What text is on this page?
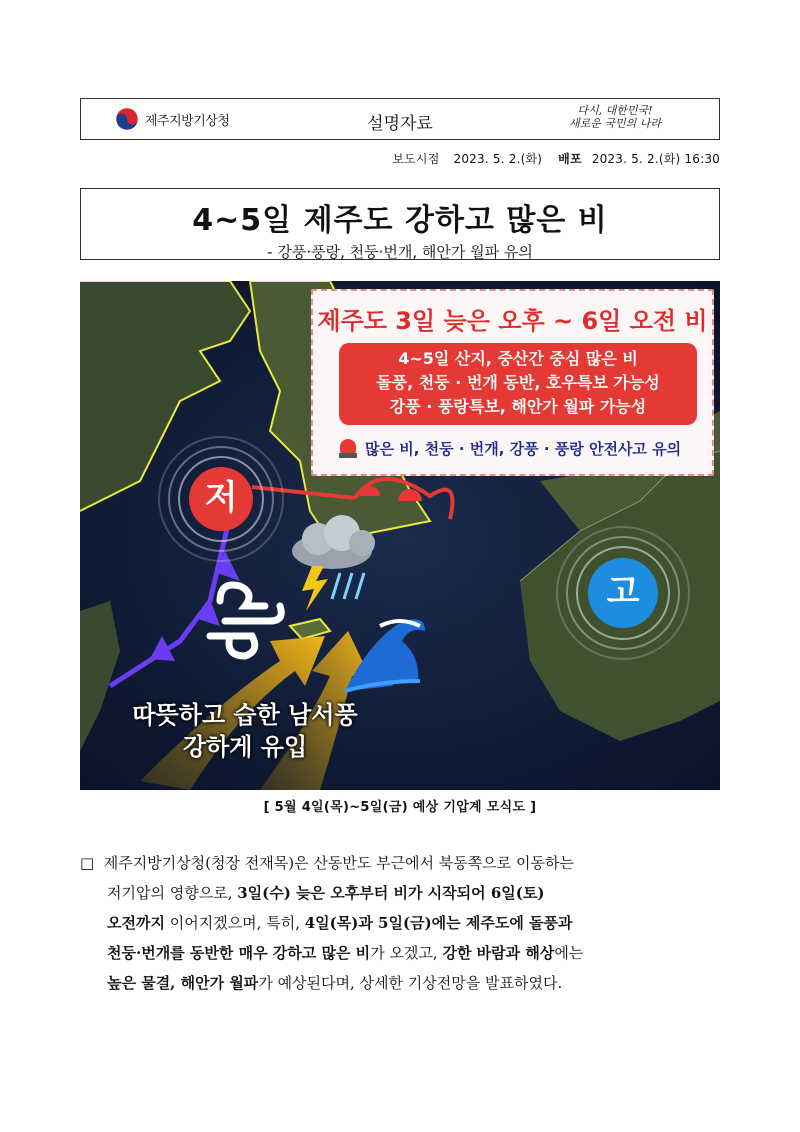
제주지방기상청	설명자료
다시, 대한민국!
새로운 국민의 나라
보도시점 2023. 5. 2.(화) 배포 2023. 5. 2.(화) 16:30
4~5일 제주도 강하고 많은 비
- 강풍·풍랑, 천둥·번개, 해안가 월파 유의
제주도 3일 늦은 오후 ~ 6일 오전 비
4~5일 산지, 중산간 중심 많은 비
돌풍, 천둥 · 번개 동반, 호우특보 가능성
강풍 · 풍랑특보, 해안가 월파 가능성
많은 비, 천둥 · 번개, 강풍 · 풍랑 안전사고 유의
저
고
따뜻하고 습한 남서풍
강하게 유입
[ 5월 4일(목)~5일(금) 예상 기압계 모식도 ]
□ 제주지방기상청(청장 전재목)은 산동반도 부근에서 북동쪽으로 이동하는
저기압의 영향으로, 3일(수) 늦은 오후부터 비가 시작되어 6일(토)
오전까지 이어지겠으며, 특히, 4일(목)과 5일(금)에는 제주도에 돌풍과
천둥·번개를 동반한 매우 강하고 많은 비가 오겠고, 강한 바람과 해상에는
높은 물결, 해안가 월파가 예상된다며, 상세한 기상전망을 발표하였다.
